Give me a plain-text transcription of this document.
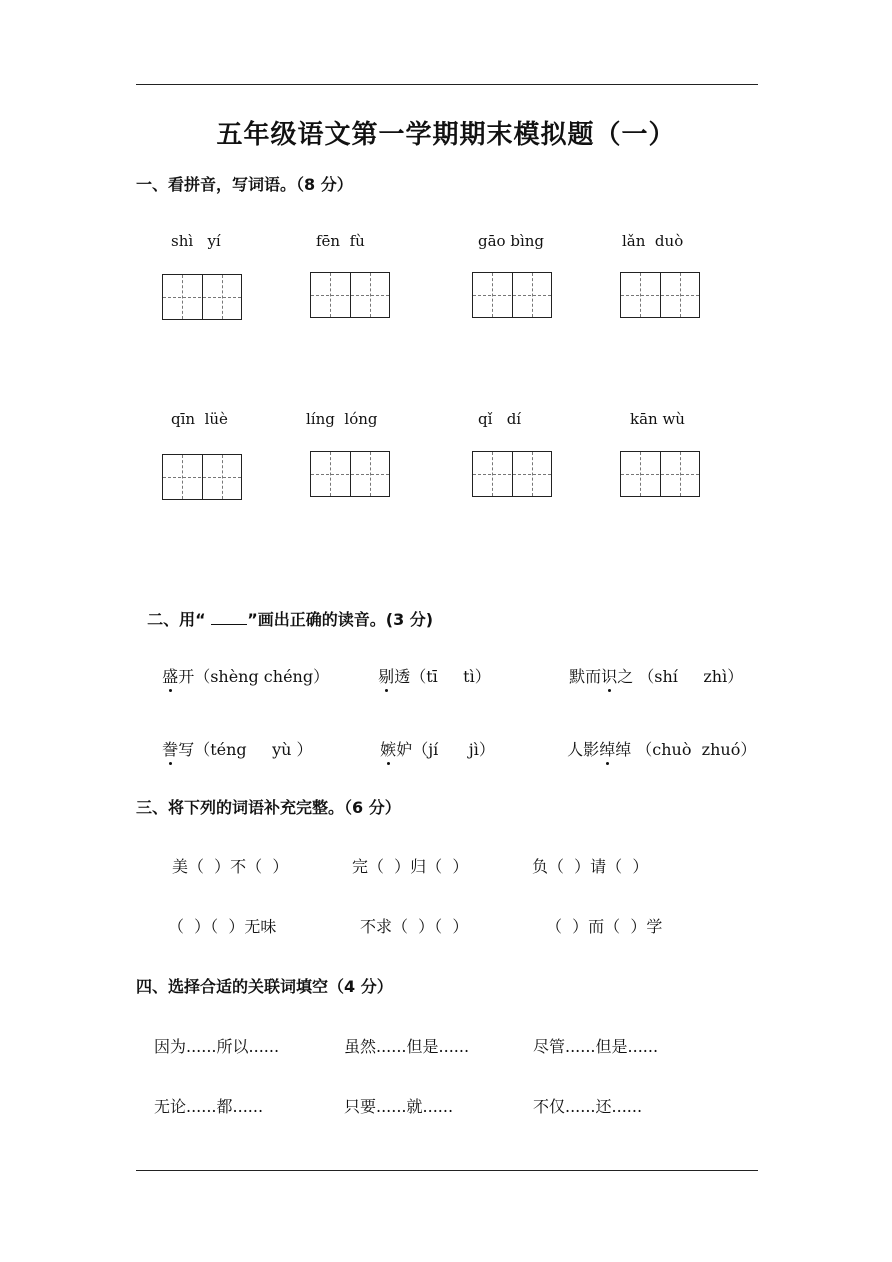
五年级语文第一学期期末模拟题（一）
一、看拼音，写词语。（8 分）
shì   yí	fēn  fù	gāo bìng	lǎn  duò
qīn  lüè	líng  lóng	qǐ   dí	kān wù

二、用“ ”画出正确的读音。(3 分)

盛开（shèng chéng）	剔透（tī     tì）	默而识之 （shí     zhì）

誊写（téng     yù ）	嫉妒（jí      jì）	人影绰绰 （chuò  zhuó）

三、将下列的词语补充完整。（6 分）
美（  ）不（  ）	完（  ）归（  ）	负（  ）请（  ）
（  ）（  ）无味	不求（  ）（  ）	（  ）而（  ）学
四、选择合适的关联词填空（4 分）
因为......所以......	虽然......但是......	尽管......但是......
无论......都......	只要......就......	不仅......还......
